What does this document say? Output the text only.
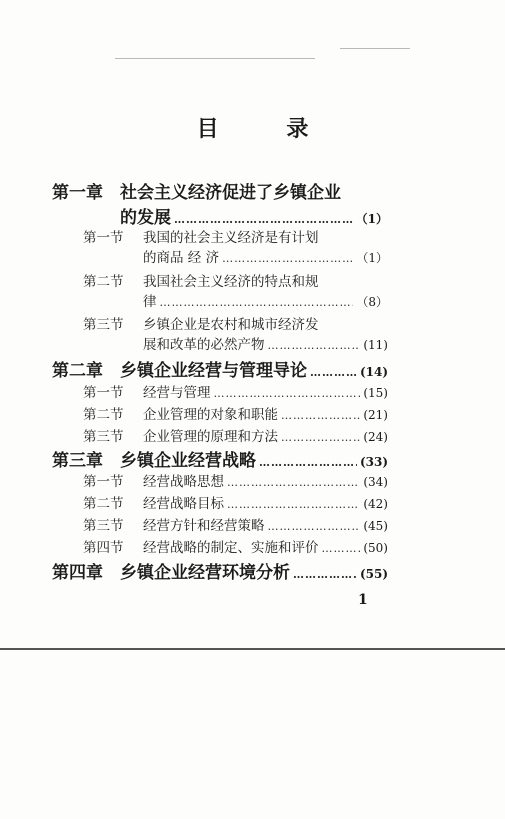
目 录
第一章	社会主义经济促进了乡镇企业
的发展 …………………………………………………………………………………………………………………………	（1）
第一节	我国的社会主义经济是有计划
的商品 经 济 …………………………………………………………………………………………………………………………	（1）
第二节	我国社会主义经济的特点和规
律 …………………………………………………………………………………………………………………………	（8）
第三节	乡镇企业是农村和城市经济发
展和改革的必然产物 …………………………………………………………………………………………………………………………	(11)
第二章	乡镇企业经营与管理导论 …………………………………………………………………………………………………………………………	(14)
第一节	经营与管理 …………………………………………………………………………………………………………………………	(15)
第二节	企业管理的对象和职能 …………………………………………………………………………………………………………………………	(21)
第三节	企业管理的原理和方法 …………………………………………………………………………………………………………………………	(24)
第三章	乡镇企业经营战略 …………………………………………………………………………………………………………………………	(33)
第一节	经营战略思想 …………………………………………………………………………………………………………………………	(34)
第二节	经营战略目标 …………………………………………………………………………………………………………………………	(42)
第三节	经营方针和经营策略 …………………………………………………………………………………………………………………………	(45)
第四节	经营战略的制定、实施和评价 …………………………………………………………………………………………………………………………	(50)
第四章	乡镇企业经营环境分析 …………………………………………………………………………………………………………………………	(55)
1
